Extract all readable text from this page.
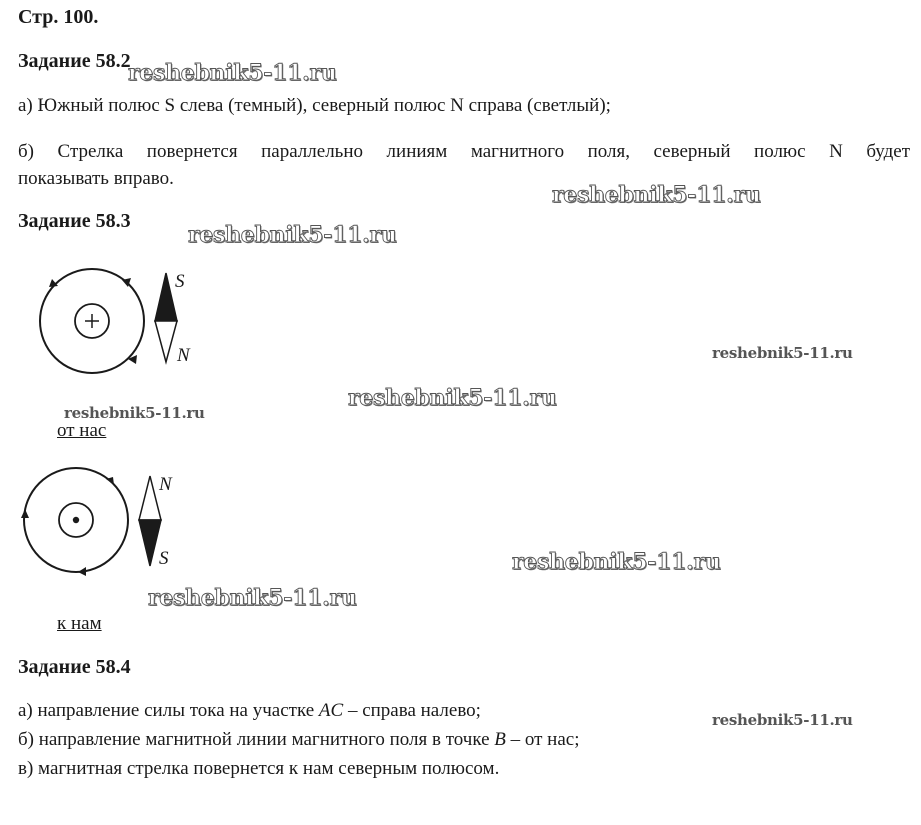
Стр. 100.
Задание 58.2
а) Южный полюс S слева (темный), северный полюс N справа (светлый);
б) Стрелка повернется параллельно линиям магнитного поля, северный полюс N будет
показывать вправо.
Задание 58.3
S
N
от нас
N
S
к нам
Задание 58.4
а) направление силы тока на участке AC – справа налево;
б) направление магнитной линии магнитного поля в точке B – от нас;
в) магнитная стрелка повернется к нам северным полюсом.
reshebnik5-11.ru
reshebnik5-11.ru
reshebnik5-11.ru
reshebnik5-11.ru
reshebnik5-11.ru
reshebnik5-11.ru
reshebnik5-11.ru
reshebnik5-11.ru
reshebnik5-11.ru
